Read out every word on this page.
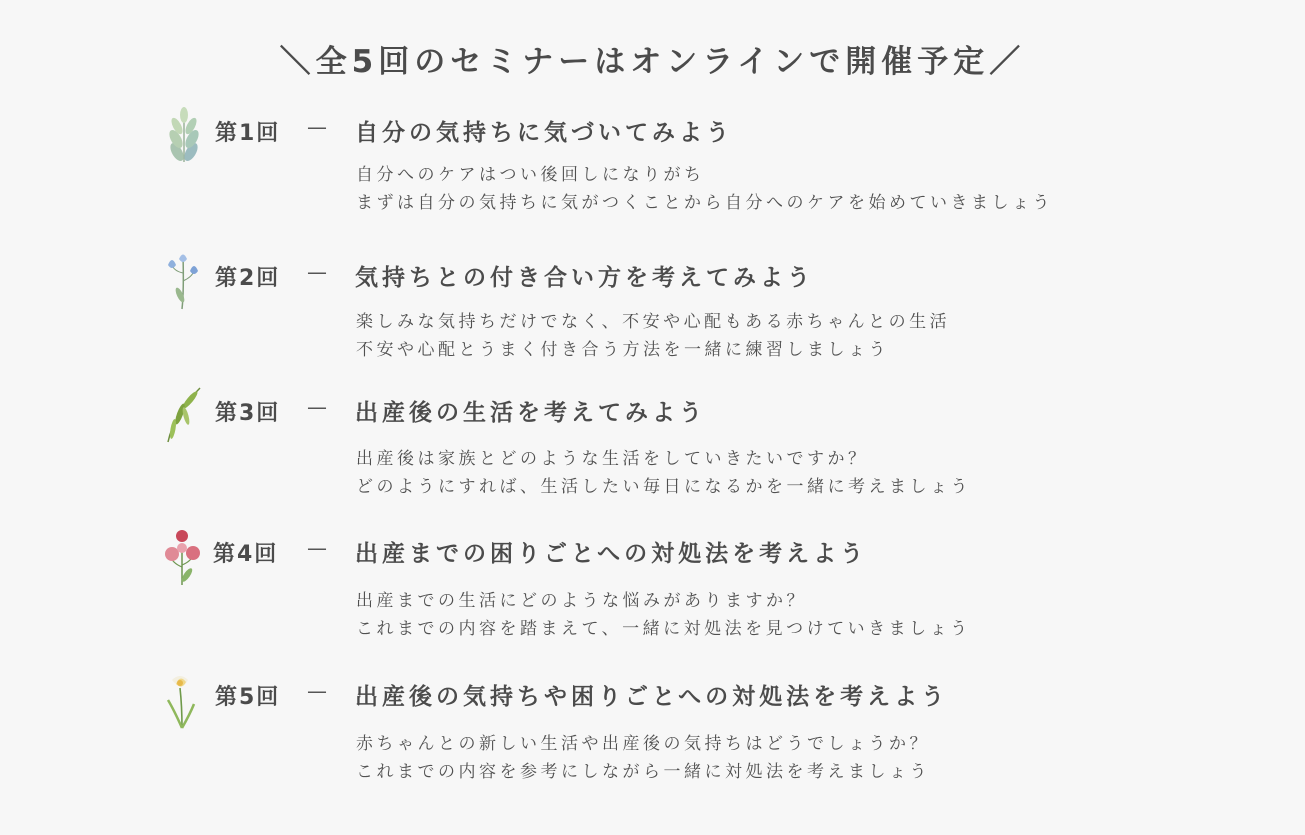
＼全5回のセミナーはオンラインで開催予定／
第1回 — 自分の気持ちに気づいてみよう
自分へのケアはつい後回しになりがち
まずは自分の気持ちに気がつくことから自分へのケアを始めていきましょう
第2回 — 気持ちとの付き合い方を考えてみよう
楽しみな気持ちだけでなく、不安や心配もある赤ちゃんとの生活
不安や心配とうまく付き合う方法を一緒に練習しましょう
第3回 — 出産後の生活を考えてみよう
出産後は家族とどのような生活をしていきたいですか？
どのようにすれば、生活したい毎日になるかを一緒に考えましょう
第4回 — 出産までの困りごとへの対処法を考えよう
出産までの生活にどのような悩みがありますか？
これまでの内容を踏まえて、一緒に対処法を見つけていきましょう
第5回 — 出産後の気持ちや困りごとへの対処法を考えよう
赤ちゃんとの新しい生活や出産後の気持ちはどうでしょうか？
これまでの内容を参考にしながら一緒に対処法を考えましょう
